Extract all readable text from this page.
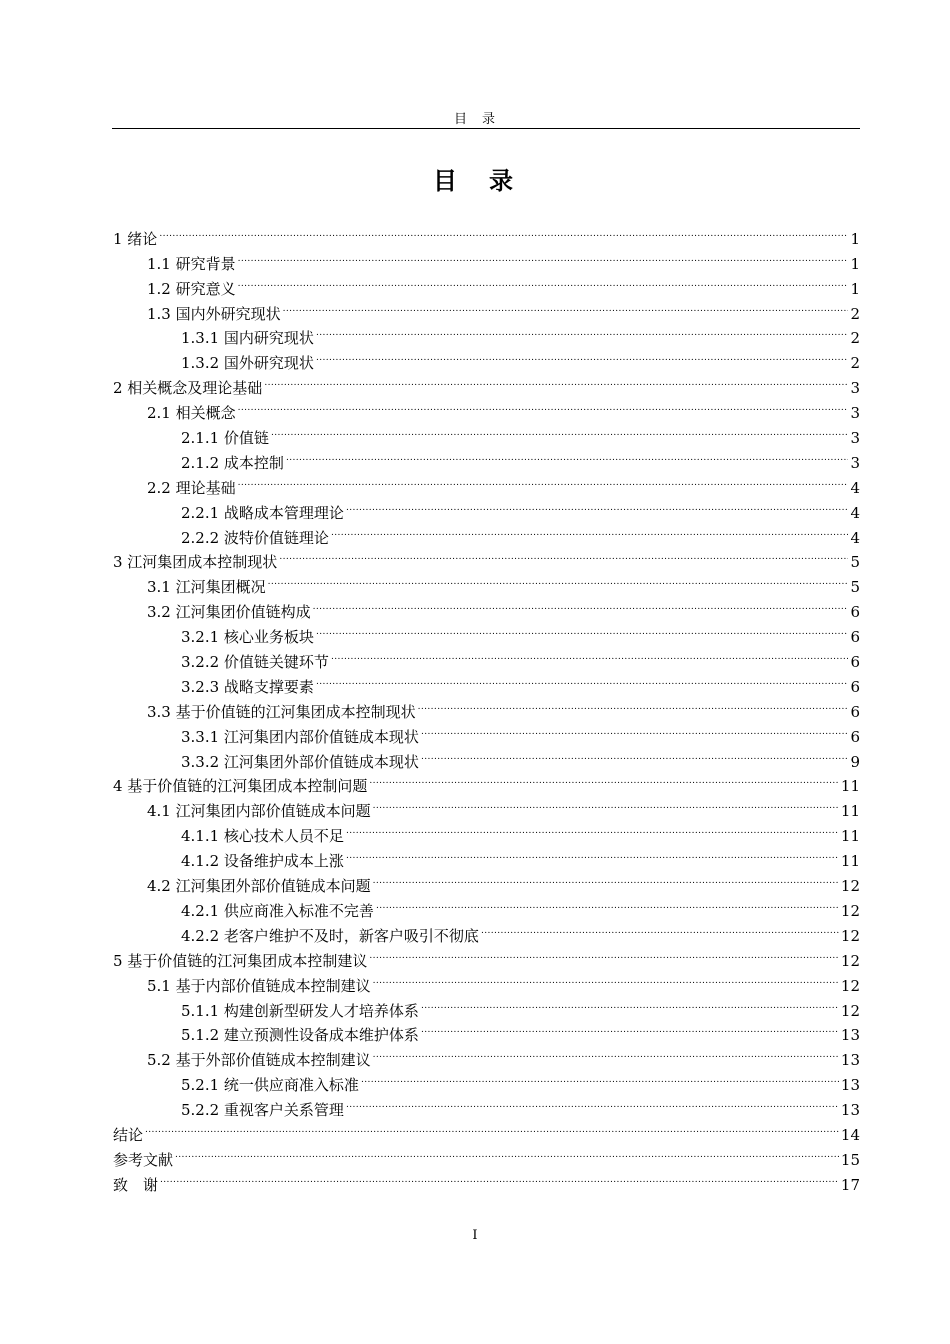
目　录
目　录
1 绪论 .....	1
1.1 研究背景 .....	1
1.2 研究意义 .....	1
1.3 国内外研究现状 .....	2
1.3.1 国内研究现状 .....	2
1.3.2 国外研究现状 .....	2
2 相关概念及理论基础 .....	3
2.1 相关概念 .....	3
2.1.1 价值链 .....	3
2.1.2 成本控制 .....	3
2.2 理论基础 .....	4
2.2.1 战略成本管理理论 .....	4
2.2.2 波特价值链理论 .....	4
3 江河集团成本控制现状 .....	5
3.1 江河集团概况 .....	5
3.2 江河集团价值链构成 .....	6
3.2.1 核心业务板块 .....	6
3.2.2 价值链关键环节 .....	6
3.2.3 战略支撑要素 .....	6
3.3 基于价值链的江河集团成本控制现状 .....	6
3.3.1 江河集团内部价值链成本现状 .....	6
3.3.2 江河集团外部价值链成本现状 .....	9
4 基于价值链的江河集团成本控制问题 .....	11
4.1 江河集团内部价值链成本问题 .....	11
4.1.1 核心技术人员不足 .....	11
4.1.2 设备维护成本上涨 .....	11
4.2 江河集团外部价值链成本问题 .....	12
4.2.1 供应商准入标准不完善 .....	12
4.2.2 老客户维护不及时，新客户吸引不彻底 .....	12
5 基于价值链的江河集团成本控制建议 .....	12
5.1 基于内部价值链成本控制建议 .....	12
5.1.1 构建创新型研发人才培养体系 .....	12
5.1.2 建立预测性设备成本维护体系 .....	13
5.2 基于外部价值链成本控制建议 .....	13
5.2.1 统一供应商准入标准 .....	13
5.2.2 重视客户关系管理 .....	13
结论 .....	14
参考文献 .....	15
致　谢 .....	17
I
